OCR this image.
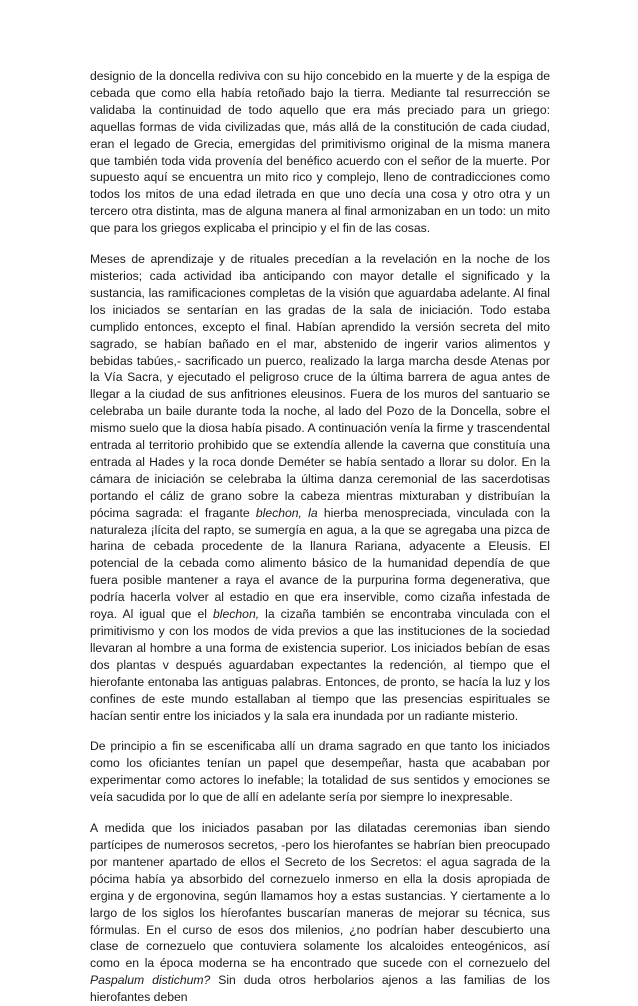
designio de la doncella rediviva con su hijo concebido en la muerte y de la espiga de cebada que como ella había retoñado bajo la tierra. Mediante tal resurrección se validaba la continuidad de todo aquello que era más preciado para un griego: aquellas formas de vida civilizadas que, más allá de la constitución de cada ciudad, eran el legado de Grecia, emergidas del primitivismo original de la misma manera que también toda vida provenía del benéfico acuerdo con el señor de la muerte. Por supuesto aquí se encuentra un mito rico y complejo, lleno de contradicciones como todos los mitos de una edad iletrada en que uno decía una cosa y otro otra y un tercero otra distinta, mas de alguna manera al final armonizaban en un todo: un mito que para los griegos explicaba el principio y el fin de las cosas.

Meses de aprendizaje y de rituales precedían a la revelación en la noche de los misterios; cada actividad iba anticipando con mayor detalle el significado y la sustancia, las ramificaciones completas de la visión que aguardaba adelante. Al final los iniciados se sentarían en las gradas de la sala de iniciación. Todo estaba cumplido entonces, excepto el final. Habían aprendido la versión secreta del mito sagrado, se habían bañado en el mar, abstenido de ingerir varios alimentos y bebidas tabúes,- sacrificado un puerco, realizado la larga marcha desde Atenas por la Vía Sacra, y ejecutado el peligroso cruce de la última barrera de agua antes de llegar a la ciudad de sus anfitriones eleusinos. Fuera de los muros del santuario se celebraba un baile durante toda la noche, al lado del Pozo de la Doncella, sobre el mismo suelo que la diosa había pisado. A continuación venía la firme y trascendental entrada al territorio prohibido que se extendía allende la caverna que constituía una entrada al Hades y la roca donde Deméter se había sentado a llorar su dolor. En la cámara de iniciación se celebraba la última danza ceremonial de las sacerdotisas portando el cáliz de grano sobre la cabeza mientras mixturaban y distribuían la pócima sagrada: el fragante blechon, la hierba menospreciada, vinculada con la naturaleza ¡lícita del rapto, se sumergía en agua, a la que se agregaba una pizca de harina de cebada procedente de la llanura Rariana, adyacente a Eleusis. El potencial de la cebada como alimento básico de la humanidad dependía de que fuera posible mantener a raya el avance de la purpurina forma degenerativa, que podría hacerla volver al estadio en que era inservible, como cizaña infestada de roya. Al igual que el blechon, la cizaña también se encontraba vinculada con el primitivismo y con los modos de vida previos a que las instituciones de la sociedad llevaran al hombre a una forma de existencia superior. Los iniciados bebían de esas dos plantas v después aguardaban expectantes la redención, al tiempo que el hierofante entonaba las antiguas palabras. Entonces, de pronto, se hacía la luz y los confines de este mundo estallaban al tiempo que las presencias espirituales se hacían sentir entre los iniciados y la sala era inundada por un radiante misterio.

De principio a fin se escenificaba allí un drama sagrado en que tanto los iniciados como los oficiantes tenían un papel que desempeñar, hasta que acababan por experimentar como actores lo inefable; la totalidad de sus sentidos y emociones se veía sacudida por lo que de allí en adelante sería por siempre lo inexpresable.

A medida que los iniciados pasaban por las dilatadas ceremonias iban siendo partícipes de numerosos secretos, -pero los hierofantes se habrían bien preocupado por mantener apartado de ellos el Secreto de los Secretos: el agua sagrada de la pócima había ya absorbido del cornezuelo inmerso en ella la dosis apropiada de ergina y de ergonovina, según llamamos hoy a estas sustancias. Y ciertamente a lo largo de los siglos los híerofantes buscarían maneras de mejorar su técnica, sus fórmulas. En el curso de esos dos milenios, ¿no podrían haber descubierto una clase de cornezuelo que contuviera solamente los alcaloides enteogénicos, así como en la época moderna se ha encontrado que sucede con el cornezuelo del Paspalum distichum? Sin duda otros herbolarios ajenos a las familias de los hierofantes deben
